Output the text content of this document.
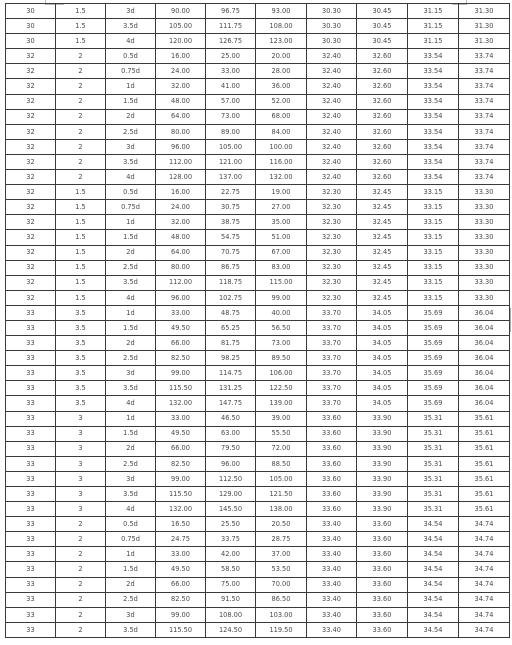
30	1.5	3d	90.00	96.75	93.00	30.30	30.45	31.15	31.30
30	1.5	3.5d	105.00	111.75	108.00	30.30	30.45	31.15	31.30
30	1.5	4d	120.00	126.75	123.00	30.30	30.45	31.15	31.30
32	2	0.5d	16.00	25.00	20.00	32.40	32.60	33.54	33.74
32	2	0.75d	24.00	33.00	28.00	32.40	32.60	33.54	33.74
32	2	1d	32.00	41.00	36.00	32.40	32.60	33.54	33.74
32	2	1.5d	48.00	57.00	52.00	32.40	32.60	33.54	33.74
32	2	2d	64.00	73.00	68.00	32.40	32.60	33.54	33.74
32	2	2.5d	80.00	89.00	84.00	32.40	32.60	33.54	33.74
32	2	3d	96.00	105.00	100.00	32.40	32.60	33.54	33.74
32	2	3.5d	112.00	121.00	116.00	32.40	32.60	33.54	33.74
32	2	4d	128.00	137.00	132.00	32.40	32.60	33.54	33.74
32	1.5	0.5d	16.00	22.75	19.00	32.30	32.45	33.15	33.30
32	1.5	0.75d	24.00	30.75	27.00	32.30	32.45	33.15	33.30
32	1.5	1d	32.00	38.75	35.00	32.30	32.45	33.15	33.30
32	1.5	1.5d	48.00	54.75	51.00	32.30	32.45	33.15	33.30
32	1.5	2d	64.00	70.75	67.00	32.30	32.45	33.15	33.30
32	1.5	2.5d	80.00	86.75	83.00	32.30	32.45	33.15	33.30
32	1.5	3.5d	112.00	118.75	115.00	32.30	32.45	33.15	33.30
32	1.5	4d	96.00	102.75	99.00	32.30	32.45	33.15	33.30
33	3.5	1d	33.00	48.75	40.00	33.70	34.05	35.69	36.04
33	3.5	1.5d	49.50	65.25	56.50	33.70	34.05	35.69	36.04
33	3.5	2d	66.00	81.75	73.00	33.70	34.05	35.69	36.04
33	3.5	2.5d	82.50	98.25	89.50	33.70	34.05	35.69	36.04
33	3.5	3d	99.00	114.75	106.00	33.70	34.05	35.69	36.04
33	3.5	3.5d	115.50	131.25	122.50	33.70	34.05	35.69	36.04
33	3.5	4d	132.00	147.75	139.00	33.70	34.05	35.69	36.04
33	3	1d	33.00	46.50	39.00	33.60	33.90	35.31	35.61
33	3	1.5d	49.50	63.00	55.50	33.60	33.90	35.31	35.61
33	3	2d	66.00	79.50	72.00	33.60	33.90	35.31	35.61
33	3	2.5d	82.50	96.00	88.50	33.60	33.90	35.31	35.61
33	3	3d	99.00	112.50	105.00	33.60	33.90	35.31	35.61
33	3	3.5d	115.50	129.00	121.50	33.60	33.90	35.31	35.61
33	3	4d	132.00	145.50	138.00	33.60	33.90	35.31	35.61
33	2	0.5d	16.50	25.50	20.50	33.40	33.60	34.54	34.74
33	2	0.75d	24.75	33.75	28.75	33.40	33.60	34.54	34.74
33	2	1d	33.00	42.00	37.00	33.40	33.60	34.54	34.74
33	2	1.5d	49.50	58.50	53.50	33.40	33.60	34.54	34.74
33	2	2d	66.00	75.00	70.00	33.40	33.60	34.54	34.74
33	2	2.5d	82.50	91.50	86.50	33.40	33.60	34.54	34.74
33	2	3d	99.00	108.00	103.00	33.40	33.60	34.54	34.74
33	2	3.5d	115.50	124.50	119.50	33.40	33.60	34.54	34.74
